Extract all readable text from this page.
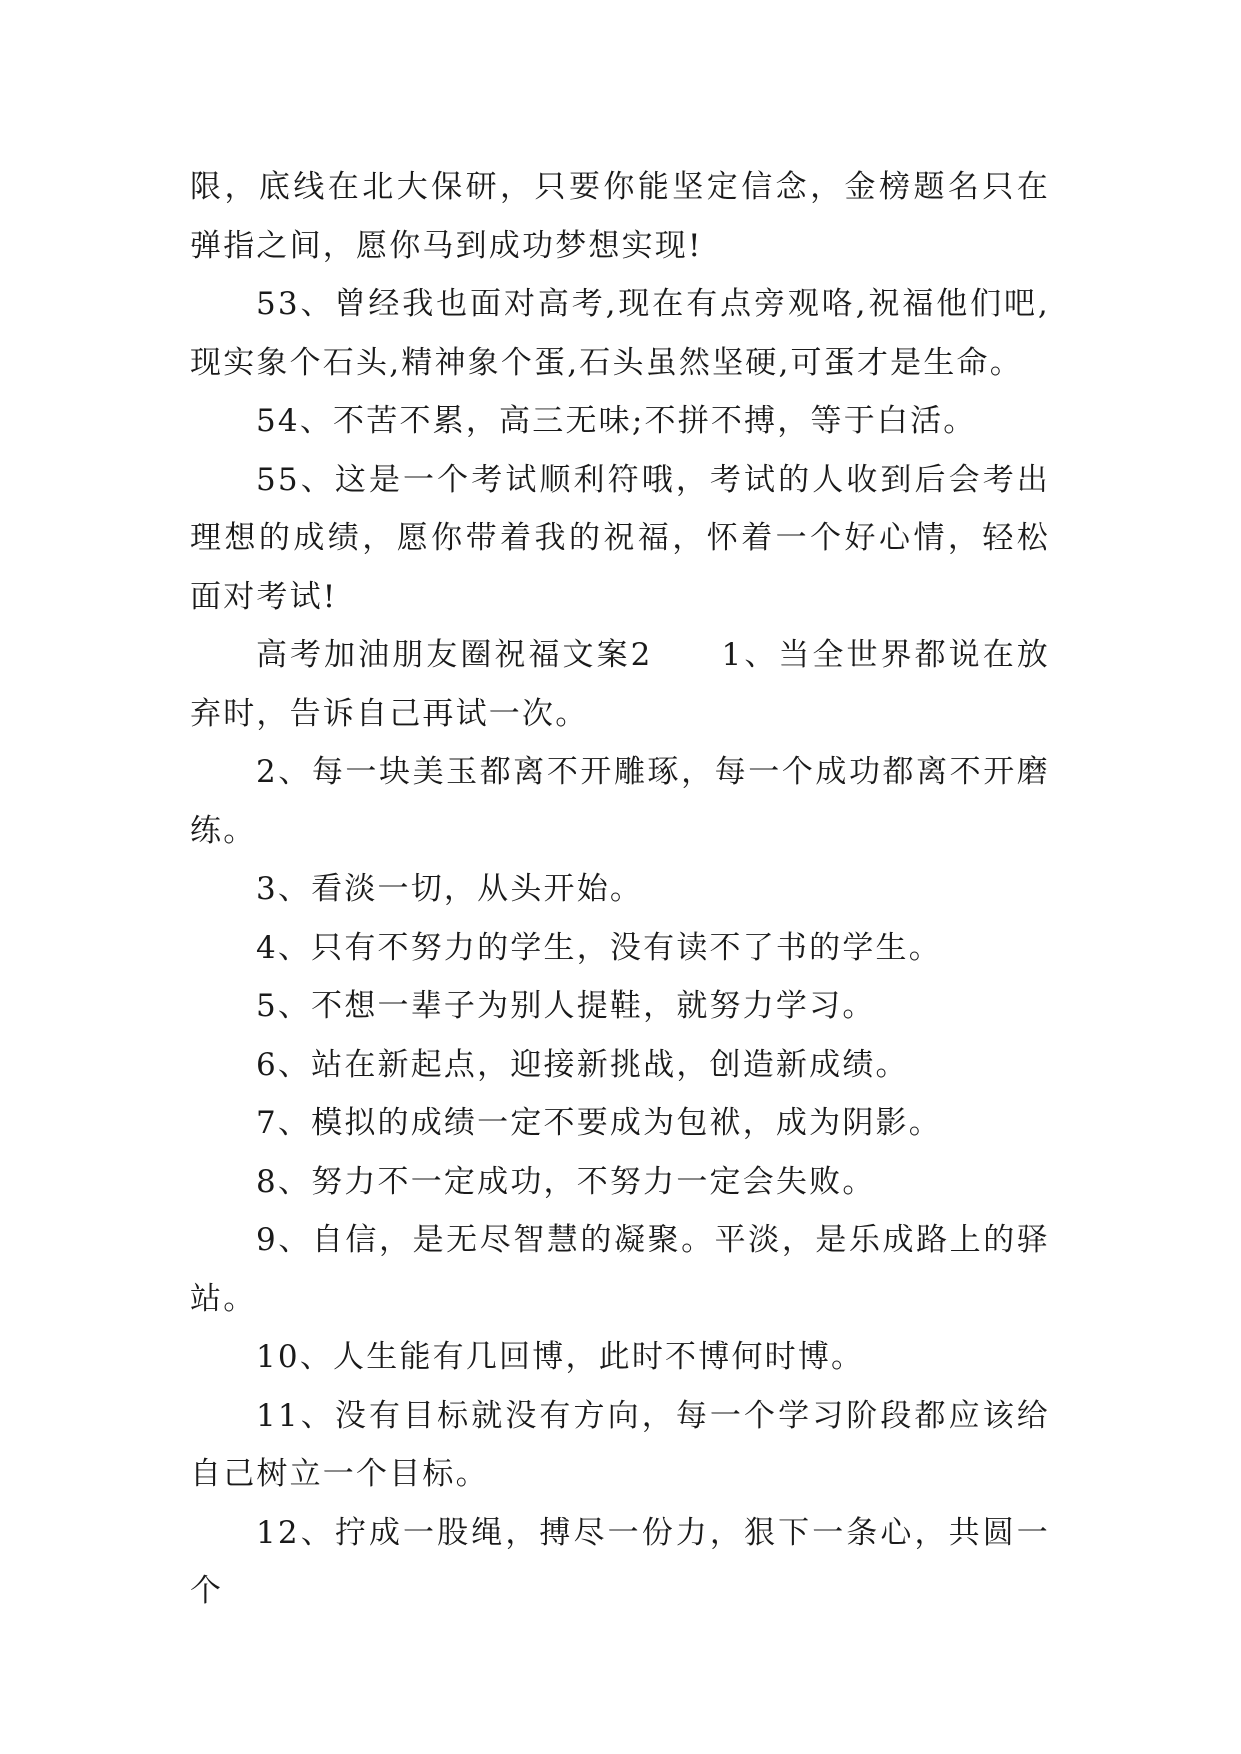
限，底线在北大保研，只要你能坚定信念，金榜题名只在弹指之间，愿你马到成功梦想实现!

53、曾经我也面对高考,现在有点旁观咯,祝福他们吧,现实象个石头,精神象个蛋,石头虽然坚硬,可蛋才是生命。

54、不苦不累，高三无味;不拼不搏，等于白活。

55、这是一个考试顺利符哦，考试的人收到后会考出理想的成绩，愿你带着我的祝福，怀着一个好心情，轻松面对考试!

高考加油朋友圈祝福文案2　　1、当全世界都说在放弃时，告诉自己再试一次。

2、每一块美玉都离不开雕琢，每一个成功都离不开磨练。

3、看淡一切，从头开始。

4、只有不努力的学生，没有读不了书的学生。

5、不想一辈子为别人提鞋，就努力学习。

6、站在新起点，迎接新挑战，创造新成绩。

7、模拟的成绩一定不要成为包袱，成为阴影。

8、努力不一定成功，不努力一定会失败。

9、自信，是无尽智慧的凝聚。平淡，是乐成路上的驿站。

10、人生能有几回博，此时不博何时博。

11、没有目标就没有方向，每一个学习阶段都应该给自己树立一个目标。

12、拧成一股绳，搏尽一份力，狠下一条心，共圆一个
